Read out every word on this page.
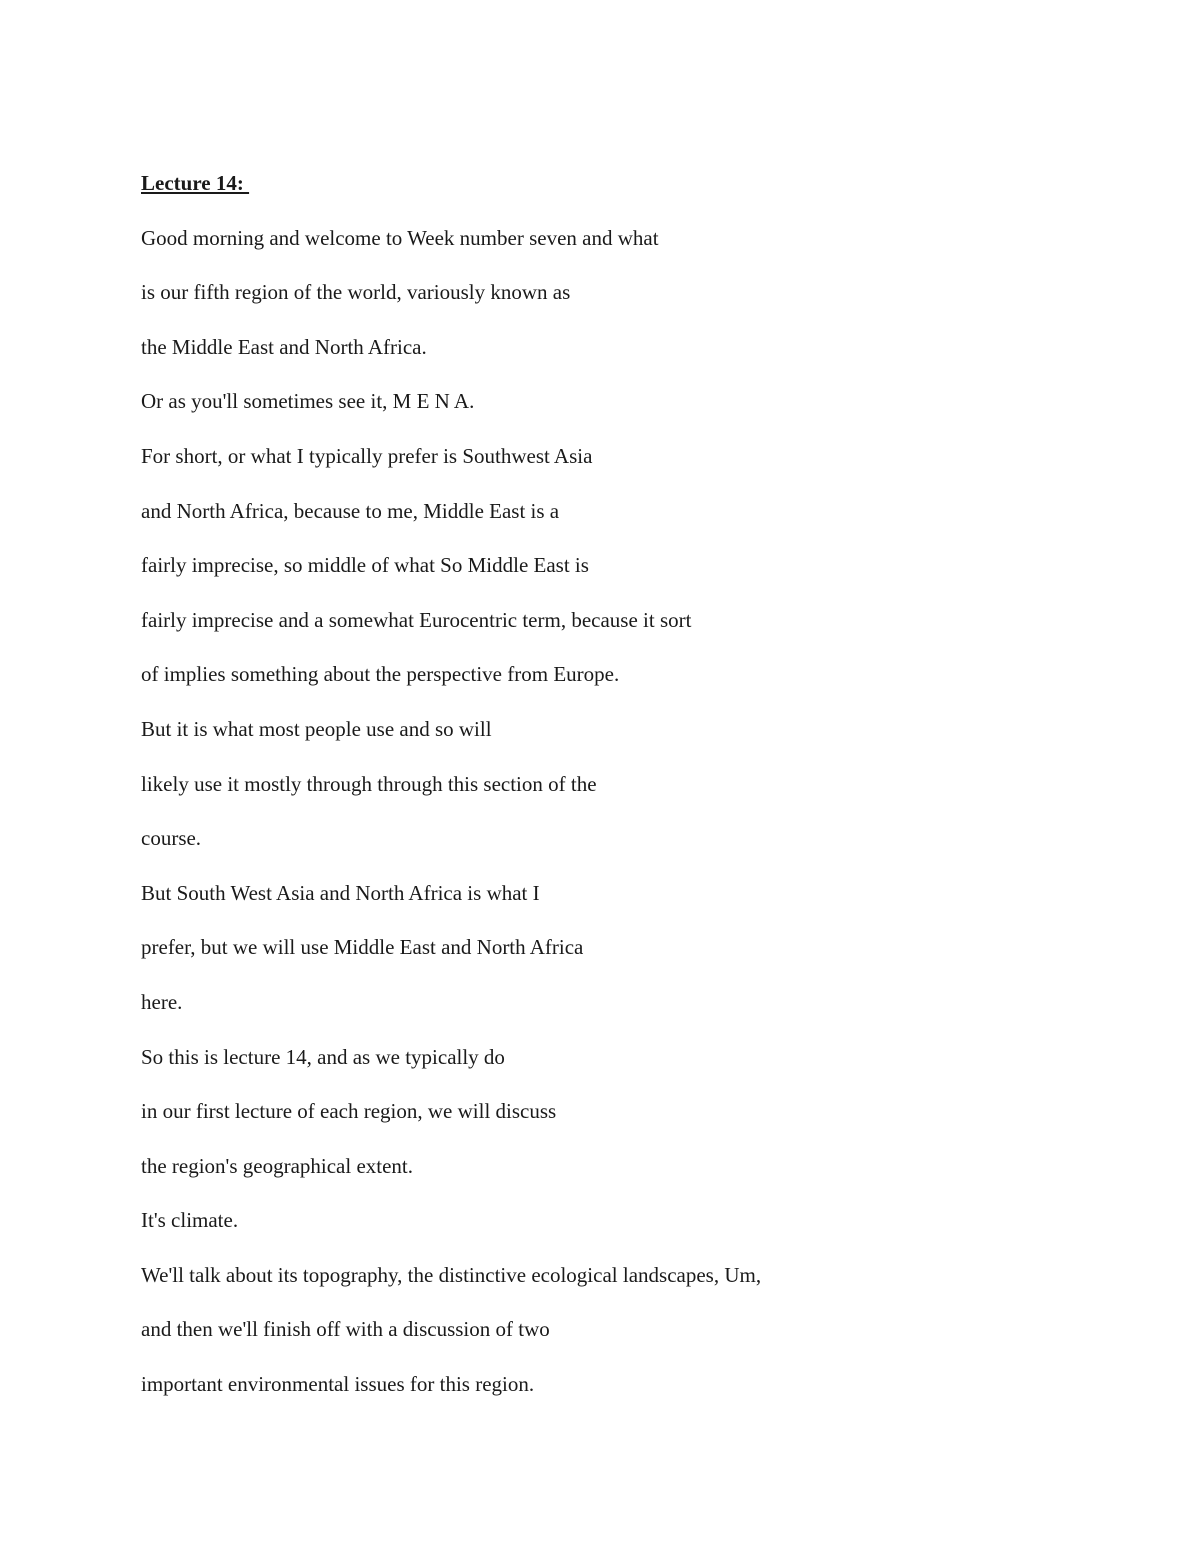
Lecture 14:
Good morning and welcome to Week number seven and what
is our fifth region of the world, variously known as
the Middle East and North Africa.
Or as you'll sometimes see it, M E N A.
For short, or what I typically prefer is Southwest Asia
and North Africa, because to me, Middle East is a
fairly imprecise, so middle of what So Middle East is
fairly imprecise and a somewhat Eurocentric term, because it sort
of implies something about the perspective from Europe.
But it is what most people use and so will
likely use it mostly through through this section of the
course.
But South West Asia and North Africa is what I
prefer, but we will use Middle East and North Africa
here.
So this is lecture 14, and as we typically do
in our first lecture of each region, we will discuss
the region's geographical extent.
It's climate.
We'll talk about its topography, the distinctive ecological landscapes, Um,
and then we'll finish off with a discussion of two
important environmental issues for this region.
